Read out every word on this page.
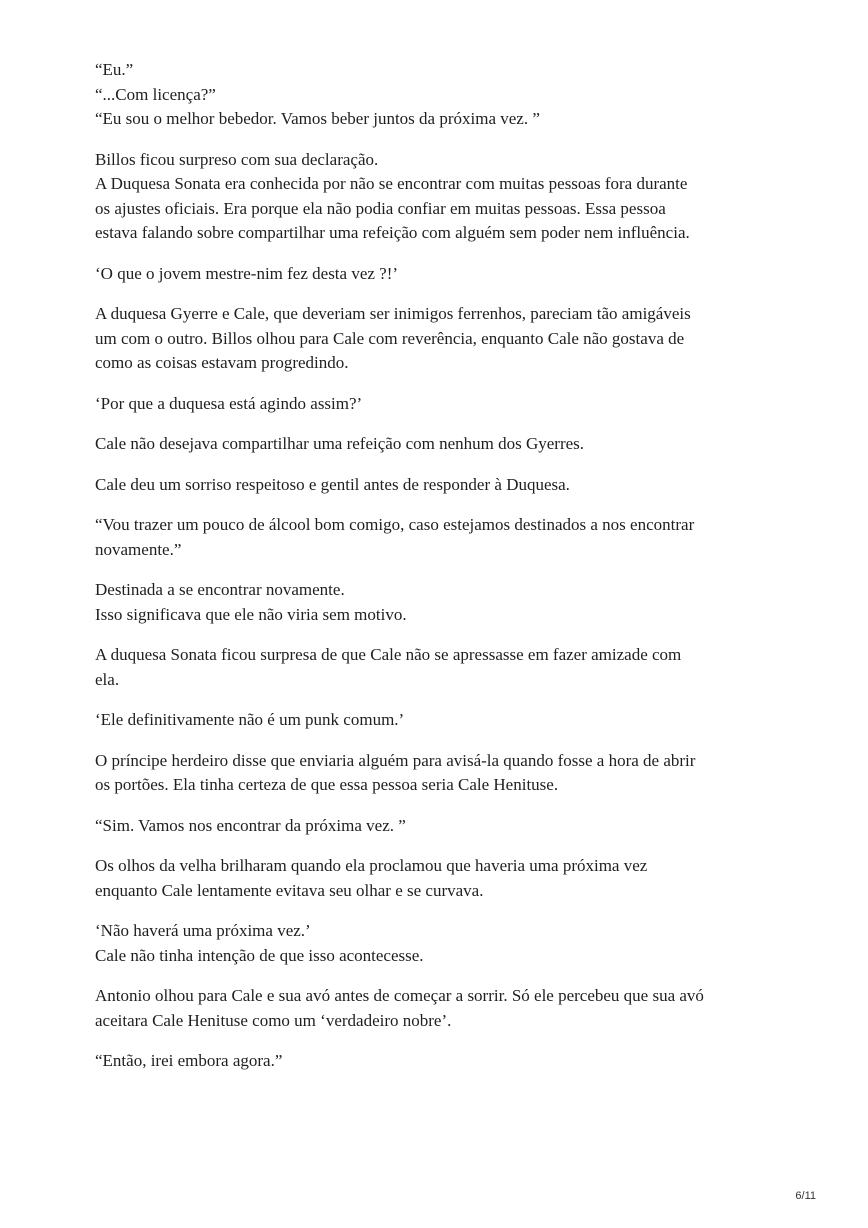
“Eu.”
“...Com licença?”
“Eu sou o melhor bebedor. Vamos beber juntos da próxima vez. ”

Billos ficou surpreso com sua declaração.
A Duquesa Sonata era conhecida por não se encontrar com muitas pessoas fora durante
os ajustes oficiais. Era porque ela não podia confiar em muitas pessoas. Essa pessoa
estava falando sobre compartilhar uma refeição com alguém sem poder nem influência.

‘O que o jovem mestre-nim fez desta vez ?!’

A duquesa Gyerre e Cale, que deveriam ser inimigos ferrenhos, pareciam tão amigáveis
um com o outro. Billos olhou para Cale com reverência, enquanto Cale não gostava de
como as coisas estavam progredindo.

‘Por que a duquesa está agindo assim?’

Cale não desejava compartilhar uma refeição com nenhum dos Gyerres.

Cale deu um sorriso respeitoso e gentil antes de responder à Duquesa.

“Vou trazer um pouco de álcool bom comigo, caso estejamos destinados a nos encontrar
novamente.”

Destinada a se encontrar novamente.
Isso significava que ele não viria sem motivo.

A duquesa Sonata ficou surpresa de que Cale não se apressasse em fazer amizade com
ela.

‘Ele definitivamente não é um punk comum.’

O príncipe herdeiro disse que enviaria alguém para avisá-la quando fosse a hora de abrir
os portões. Ela tinha certeza de que essa pessoa seria Cale Henituse.

“Sim. Vamos nos encontrar da próxima vez. ”

Os olhos da velha brilharam quando ela proclamou que haveria uma próxima vez
enquanto Cale lentamente evitava seu olhar e se curvava.

‘Não haverá uma próxima vez.’
Cale não tinha intenção de que isso acontecesse.

Antonio olhou para Cale e sua avó antes de começar a sorrir. Só ele percebeu que sua avó
aceitara Cale Henituse como um ‘verdadeiro nobre’.

“Então, irei embora agora.”

6/11
